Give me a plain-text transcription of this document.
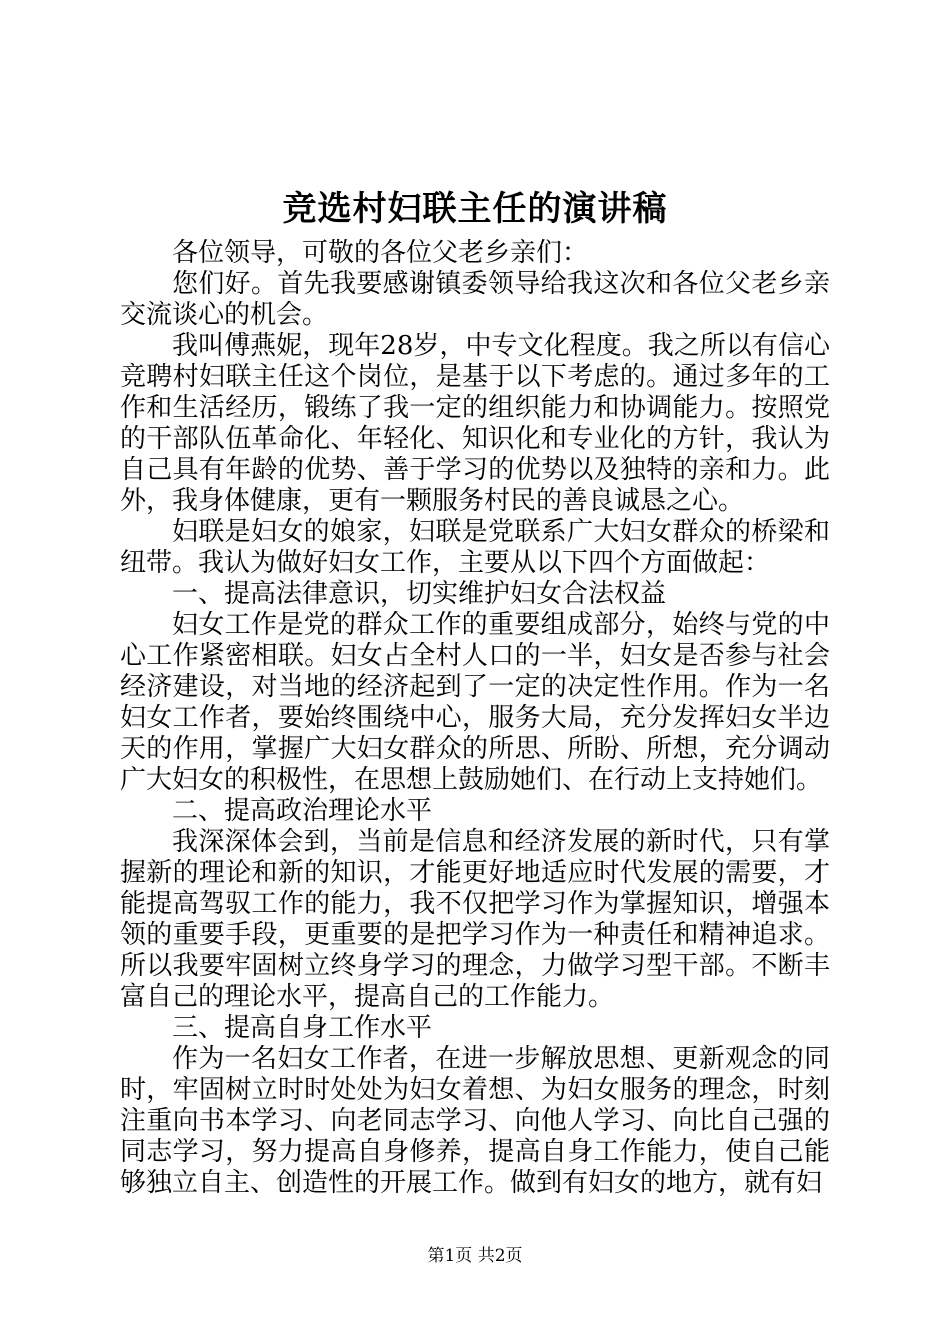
竞选村妇联主任的演讲稿

各位领导，可敬的各位父老乡亲们：

您们好。首先我要感谢镇委领导给我这次和各位父老乡亲交流谈心的机会。

我叫傅燕妮，现年28岁，中专文化程度。我之所以有信心竞聘村妇联主任这个岗位，是基于以下考虑的。通过多年的工作和生活经历，锻练了我一定的组织能力和协调能力。按照党的干部队伍革命化、年轻化、知识化和专业化的方针，我认为自己具有年龄的优势、善于学习的优势以及独特的亲和力。此外，我身体健康，更有一颗服务村民的善良诚恳之心。

妇联是妇女的娘家，妇联是党联系广大妇女群众的桥梁和纽带。我认为做好妇女工作，主要从以下四个方面做起：

一、提高法律意识，切实维护妇女合法权益

妇女工作是党的群众工作的重要组成部分，始终与党的中心工作紧密相联。妇女占全村人口的一半，妇女是否参与社会经济建设，对当地的经济起到了一定的决定性作用。作为一名妇女工作者，要始终围绕中心，服务大局，充分发挥妇女半边天的作用，掌握广大妇女群众的所思、所盼、所想，充分调动广大妇女的积极性，在思想上鼓励她们、在行动上支持她们。

二、提高政治理论水平

我深深体会到，当前是信息和经济发展的新时代，只有掌握新的理论和新的知识，才能更好地适应时代发展的需要，才能提高驾驭工作的能力，我不仅把学习作为掌握知识，增强本领的重要手段，更重要的是把学习作为一种责任和精神追求。所以我要牢固树立终身学习的理念，力做学习型干部。不断丰富自己的理论水平，提高自己的工作能力。

三、提高自身工作水平

作为一名妇女工作者，在进一步解放思想、更新观念的同时，牢固树立时时处处为妇女着想、为妇女服务的理念，时刻注重向书本学习、向老同志学习、向他人学习、向比自己强的同志学习，努力提高自身修养，提高自身工作能力，使自己能够独立自主、创造性的开展工作。做到有妇女的地方，就有妇

第1页 共2页
